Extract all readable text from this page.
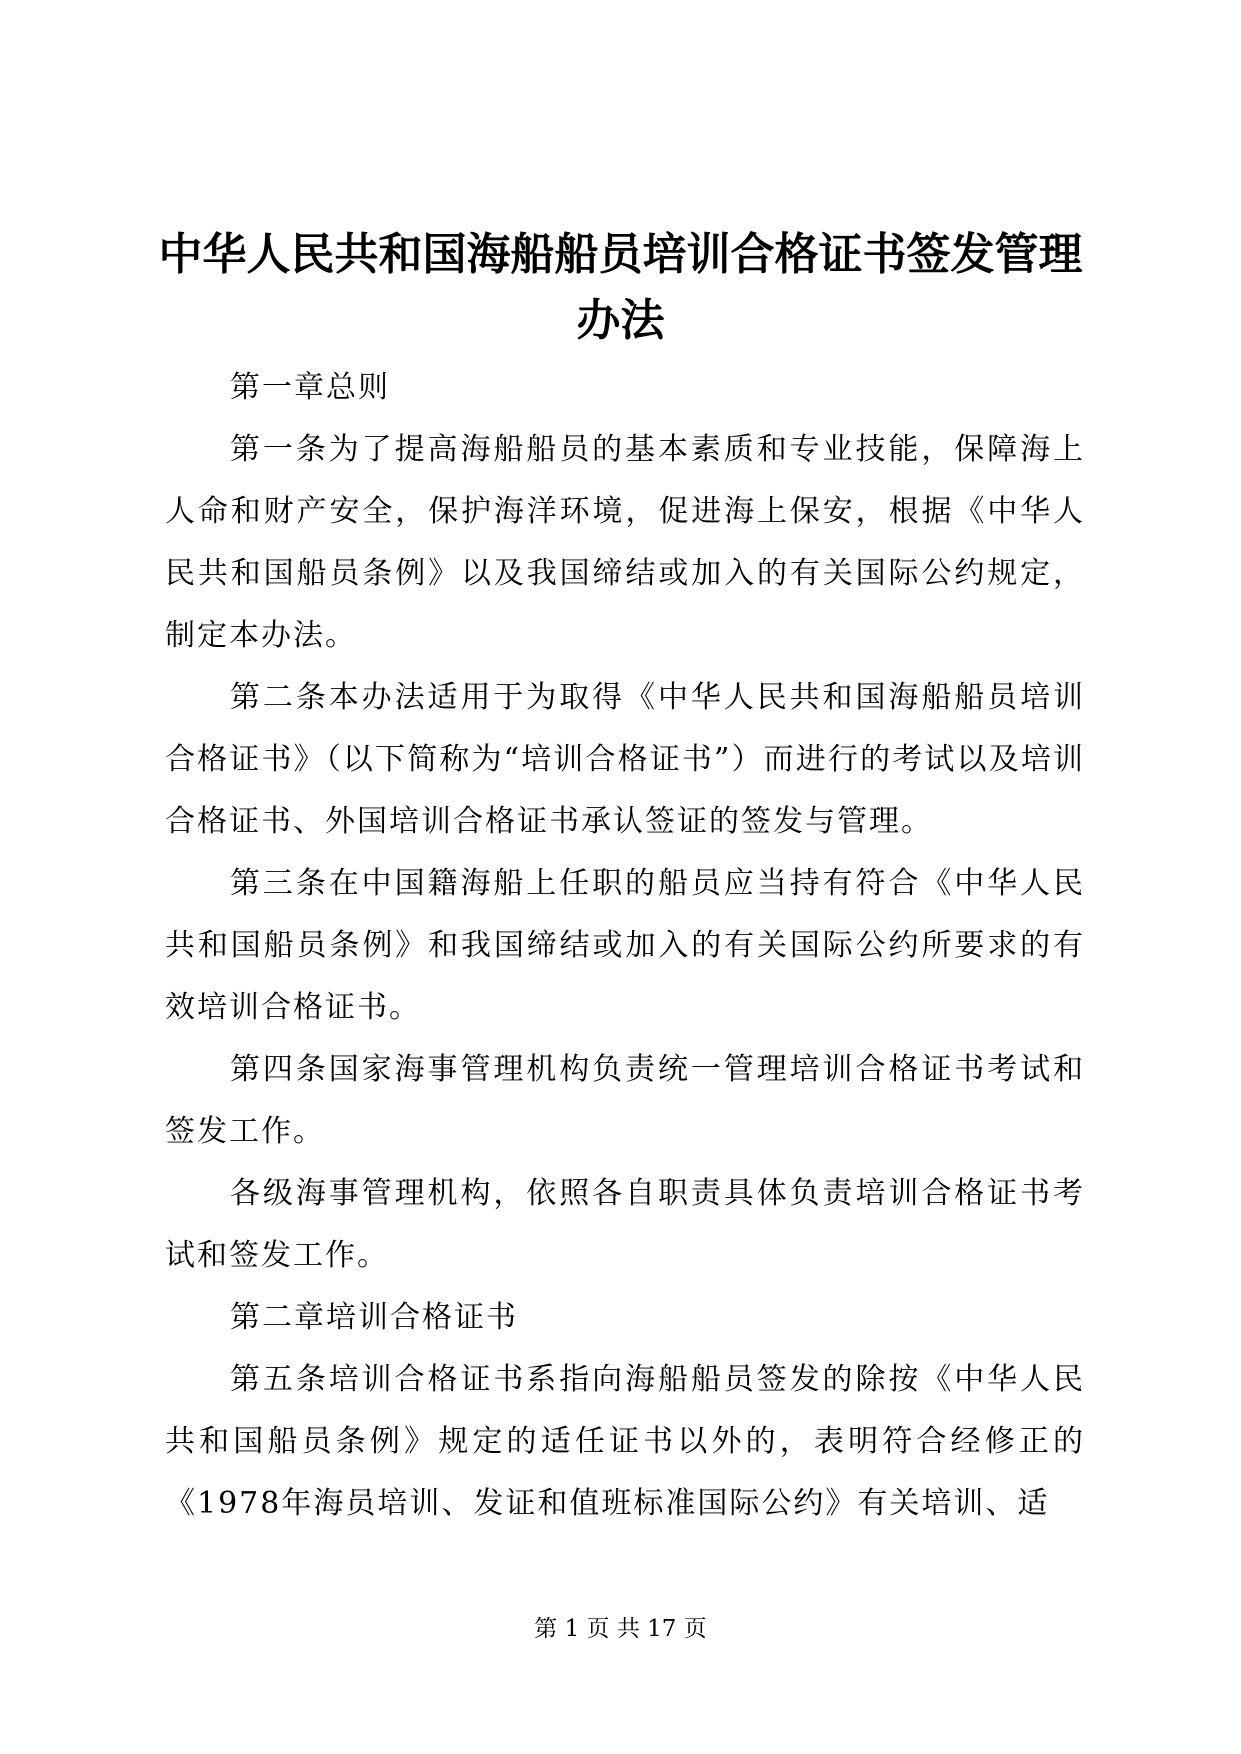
中华人民共和国海船船员培训合格证书签发管理办法

第一章总则

第一条为了提高海船船员的基本素质和专业技能，保障海上人命和财产安全，保护海洋环境，促进海上保安，根据《中华人民共和国船员条例》以及我国缔结或加入的有关国际公约规定，制定本办法。

第二条本办法适用于为取得《中华人民共和国海船船员培训合格证书》（以下简称为“培训合格证书”）而进行的考试以及培训合格证书、外国培训合格证书承认签证的签发与管理。

第三条在中国籍海船上任职的船员应当持有符合《中华人民共和国船员条例》和我国缔结或加入的有关国际公约所要求的有效培训合格证书。

第四条国家海事管理机构负责统一管理培训合格证书考试和签发工作。

各级海事管理机构，依照各自职责具体负责培训合格证书考试和签发工作。

第二章培训合格证书

第五条培训合格证书系指向海船船员签发的除按《中华人民共和国船员条例》规定的适任证书以外的，表明符合经修正的《1978年海员培训、发证和值班标准国际公约》有关培训、适

第 1 页 共 17 页
